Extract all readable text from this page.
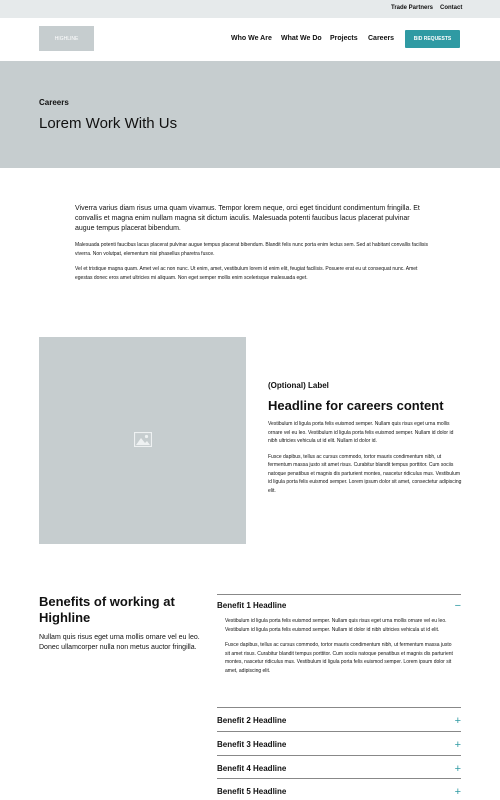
Trade Partners Contact
HIGHLINE	Who We Are What We Do Projects Careers	BID REQUESTS
Careers
Lorem Work With Us
Viverra varius diam risus urna quam vivamus. Tempor lorem neque, orci eget tincidunt condimentum fringilla. Et convallis et magna enim nullam magna sit dictum iaculis. Malesuada potenti faucibus lacus placerat pulvinar augue tempus placerat bibendum.
Malesuada potenti faucibus lacus placerat pulvinar augue tempus placerat bibendum. Blandit felis nunc porta enim lectus sem. Sed at habitant convallis facilisis viverra. Non volutpat, elementum nisi phasellus pharetra fusce.
Vel et tristique magna quam. Amet vel ac non nunc. Ut enim, amet, vestibulum lorem id enim elit, feugiat facilisis. Posuere erat eu ut consequat nunc. Amet egestas donec eros amet ultricies mi aliquam. Non eget semper mollis enim scelerisque malesuada eget.
(Optional) Label
Headline for careers content
Vestibulum id ligula porta felis euismod semper. Nullam quis risus eget urna mollis ornare vel eu leo. Vestibulum id ligula porta felis euismod semper. Nullam id dolor id nibh ultricies vehicula ut id elit. Nullam id dolor id.
Fusce dapibus, tellus ac cursus commodo, tortor mauris condimentum nibh, ut fermentum massa justo sit amet risus. Curabitur blandit tempus porttitor. Cum sociis natoque penatibus et magnis dis parturient montes, nascetur ridiculus mus. Vestibulum id ligula porta felis euismod semper. Lorem ipsum dolor sit amet, consectetur adipiscing elit.
Benefits of working at Highline
Nullam quis risus eget urna mollis ornare vel eu leo. Donec ullamcorper nulla non metus auctor fringilla.
Benefit 1 Headline	−
Vestibulum id ligula porta felis euismod semper. Nullam quis risus eget urna mollis ornare vel eu leo. Vestibulum id ligula porta felis euismod semper. Nullam id dolor id nibh ultricies vehicula ut id elit.
Fusce dapibus, tellus ac cursus commodo, tortor mauris condimentum nibh, ut fermentum massa justo sit amet risus. Curabitur blandit tempus porttitor. Cum sociis natoque penatibus et magnis dis parturient montes, nascetur ridiculus mus. Vestibulum id ligula porta felis euismod semper. Lorem ipsum dolor sit amet, adipiscing elit.
Benefit 2 Headline	+
Benefit 3 Headline	+
Benefit 4 Headline	+
Benefit 5 Headline	+
